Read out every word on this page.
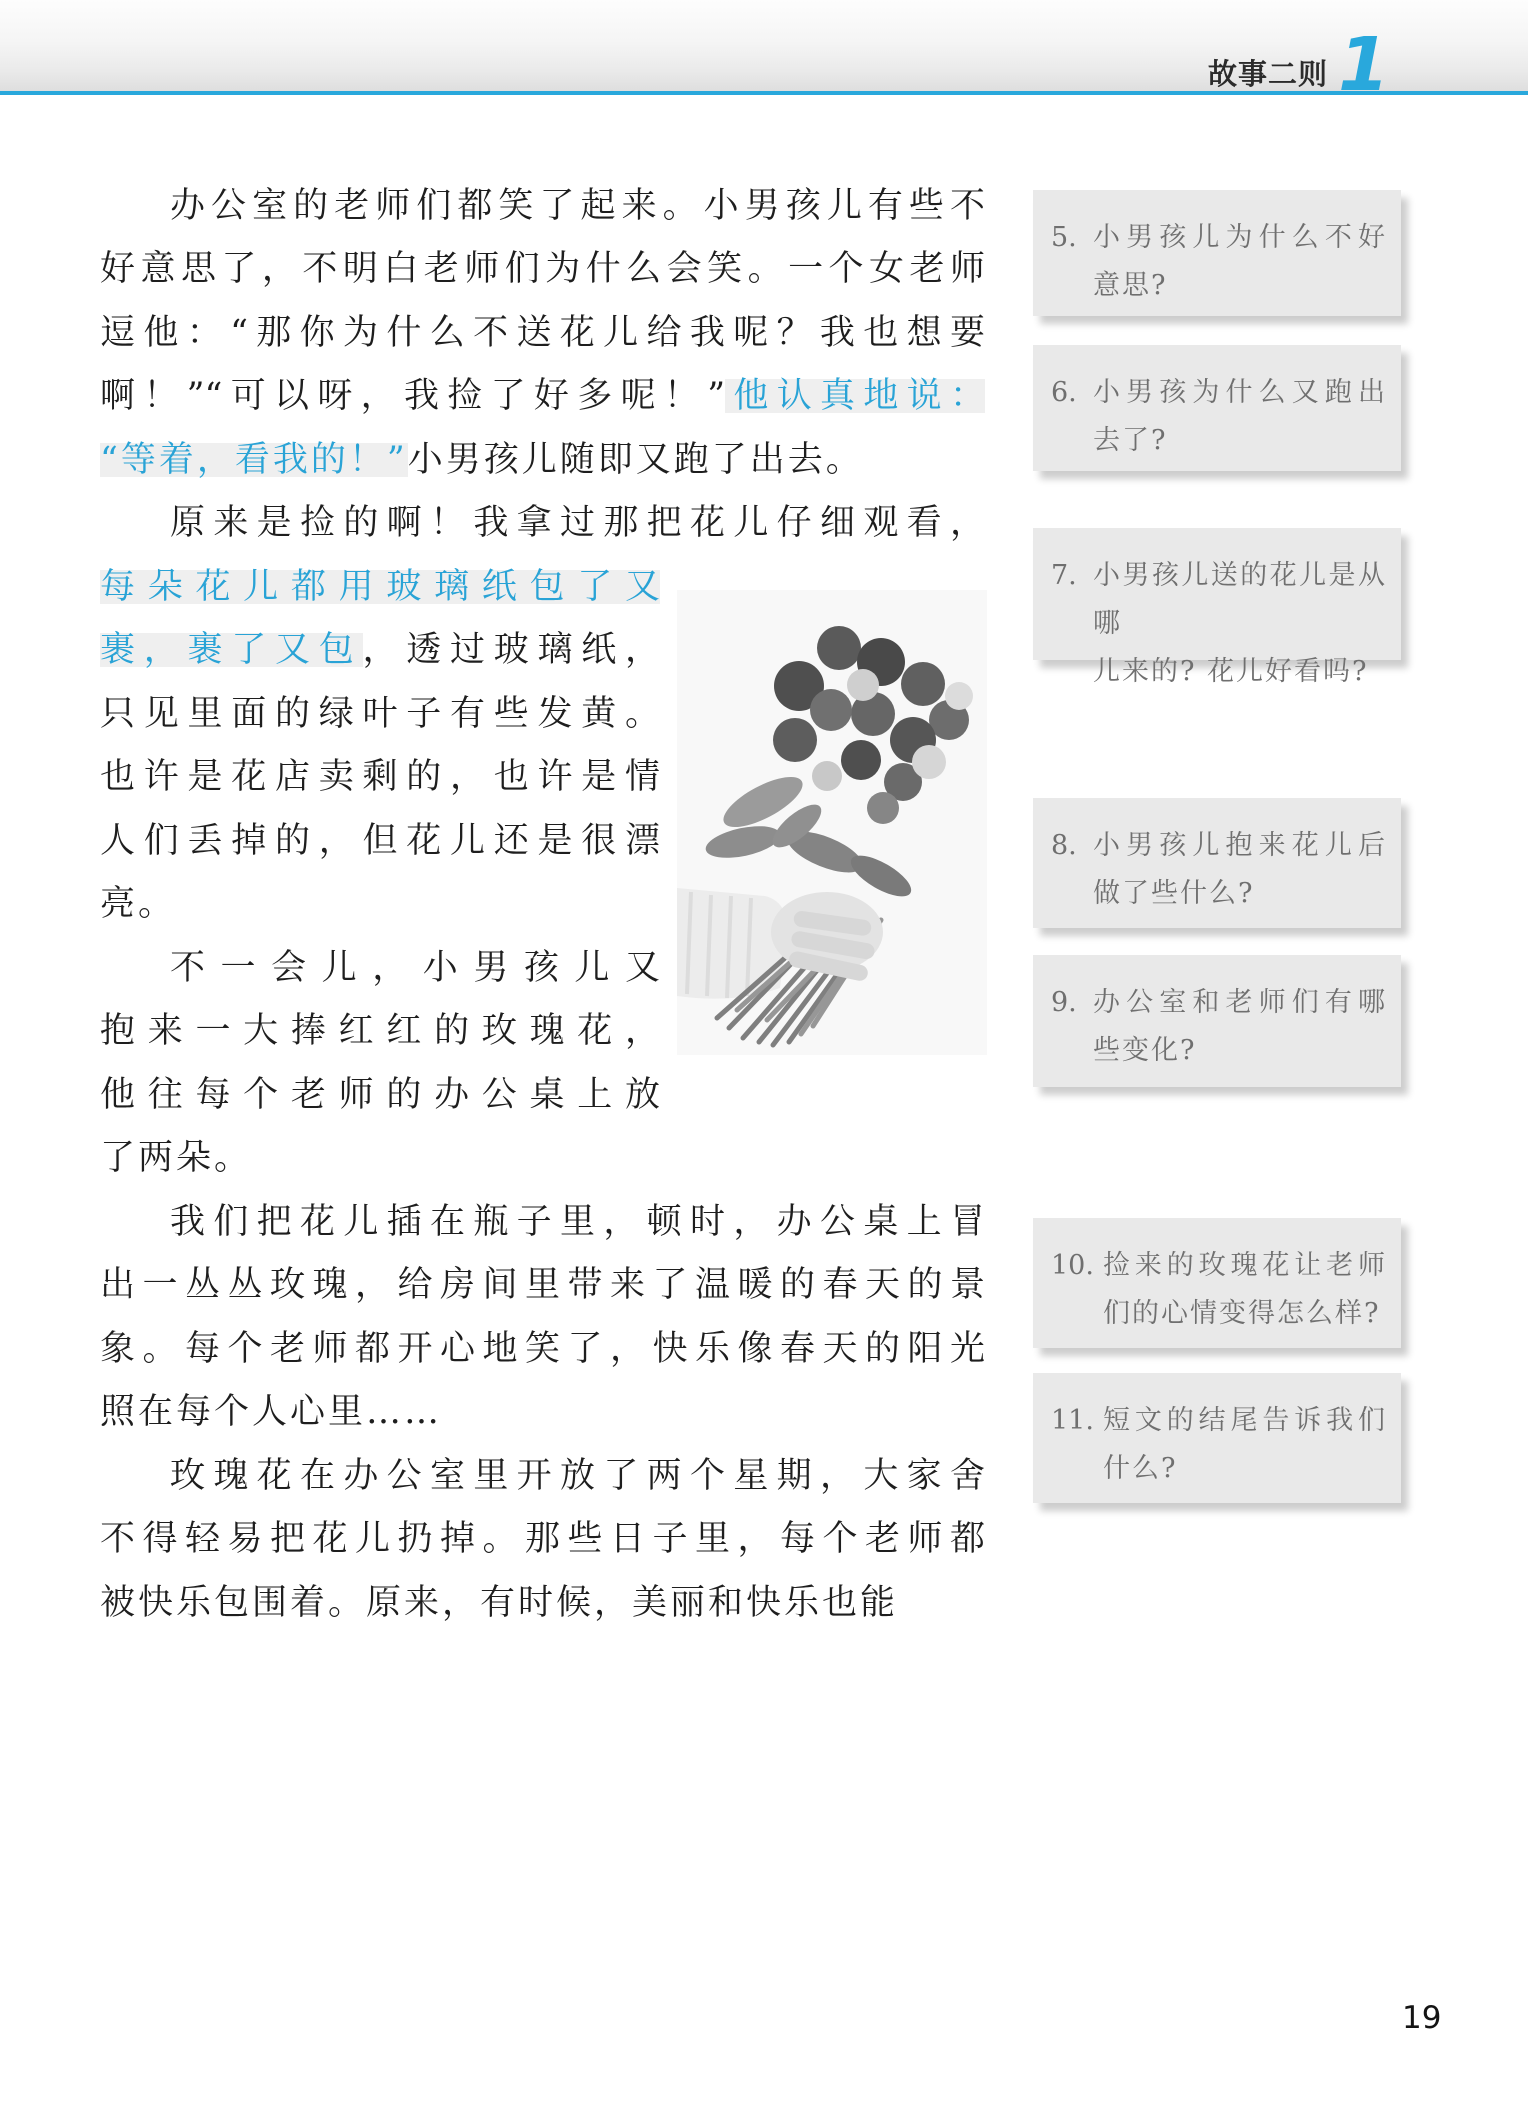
故事二则 1
办公室的老师们都笑了起来。小男孩儿有些不
好意思了，不明白老师们为什么会笑。一个女老师
逗他：“那你为什么不送花儿给我呢？我也想要
啊！”“可以呀，我捡了好多呢！”他认真地说：
“等着，看我的！”小男孩儿随即又跑了出去。
原来是捡的啊！我拿过那把花儿仔细观看，
每朵花儿都用玻璃纸包了又
裹，裹了又包，透过玻璃纸，
只见里面的绿叶子有些发黄。
也许是花店卖剩的，也许是情
人们丢掉的，但花儿还是很漂
亮。
不一会儿，小男孩儿又
抱来一大捧红红的玫瑰花，
他往每个老师的办公桌上放
了两朵。
我们把花儿插在瓶子里，顿时，办公桌上冒
出一丛丛玫瑰，给房间里带来了温暖的春天的景
象。每个老师都开心地笑了，快乐像春天的阳光
照在每个人心里……
玫瑰花在办公室里开放了两个星期，大家舍
不得轻易把花儿扔掉。那些日子里，每个老师都
被快乐包围着。原来，有时候，美丽和快乐也能
5. 小男孩儿为什么不好
意思?
6. 小男孩为什么又跑出
去了?
7. 小男孩儿送的花儿是从哪
儿来的? 花儿好看吗?
8. 小男孩儿抱来花儿后
做了些什么?
9. 办公室和老师们有哪
些变化?
10. 捡来的玫瑰花让老师
们的心情变得怎么样?
11. 短文的结尾告诉我们
什么?
19
